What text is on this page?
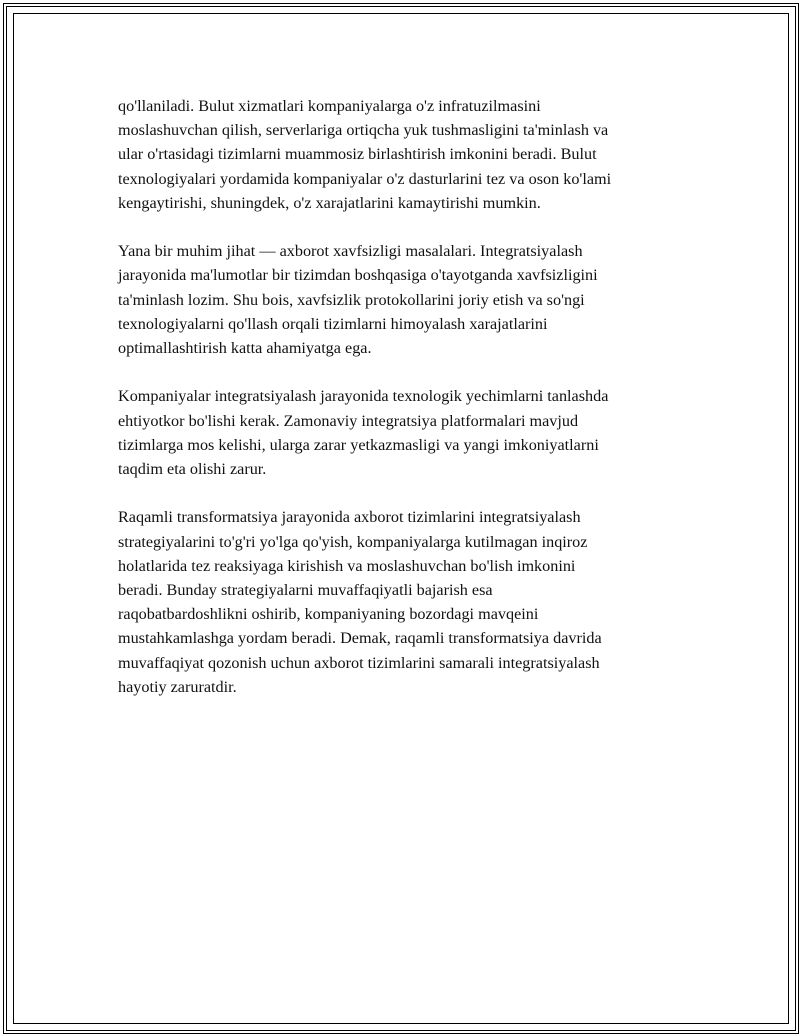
qo'llaniladi. Bulut xizmatlari kompaniyalarga o'z infratuzilmasini
moslashuvchan qilish, serverlariga ortiqcha yuk tushmasligini ta'minlash va
ular o'rtasidagi tizimlarni muammosiz birlashtirish imkonini beradi. Bulut
texnologiyalari yordamida kompaniyalar o'z dasturlarini tez va oson ko'lami
kengaytirishi, shuningdek, o'z xarajatlarini kamaytirishi mumkin.

Yana bir muhim jihat — axborot xavfsizligi masalalari. Integratsiyalash
jarayonida ma'lumotlar bir tizimdan boshqasiga o'tayotganda xavfsizligini
ta'minlash lozim. Shu bois, xavfsizlik protokollarini joriy etish va so'ngi
texnologiyalarni qo'llash orqali tizimlarni himoyalash xarajatlarini
optimallashtirish katta ahamiyatga ega.

Kompaniyalar integratsiyalash jarayonida texnologik yechimlarni tanlashda
ehtiyotkor bo'lishi kerak. Zamonaviy integratsiya platformalari mavjud
tizimlarga mos kelishi, ularga zarar yetkazmasligi va yangi imkoniyatlarni
taqdim eta olishi zarur.

Raqamli transformatsiya jarayonida axborot tizimlarini integratsiyalash
strategiyalarini to'g'ri yo'lga qo'yish, kompaniyalarga kutilmagan inqiroz
holatlarida tez reaksiyaga kirishish va moslashuvchan bo'lish imkonini
beradi. Bunday strategiyalarni muvaffaqiyatli bajarish esa
raqobatbardoshlikni oshirib, kompaniyaning bozordagi mavqeini
mustahkamlashga yordam beradi. Demak, raqamli transformatsiya davrida
muvaffaqiyat qozonish uchun axborot tizimlarini samarali integratsiyalash
hayotiy zaruratdir.
